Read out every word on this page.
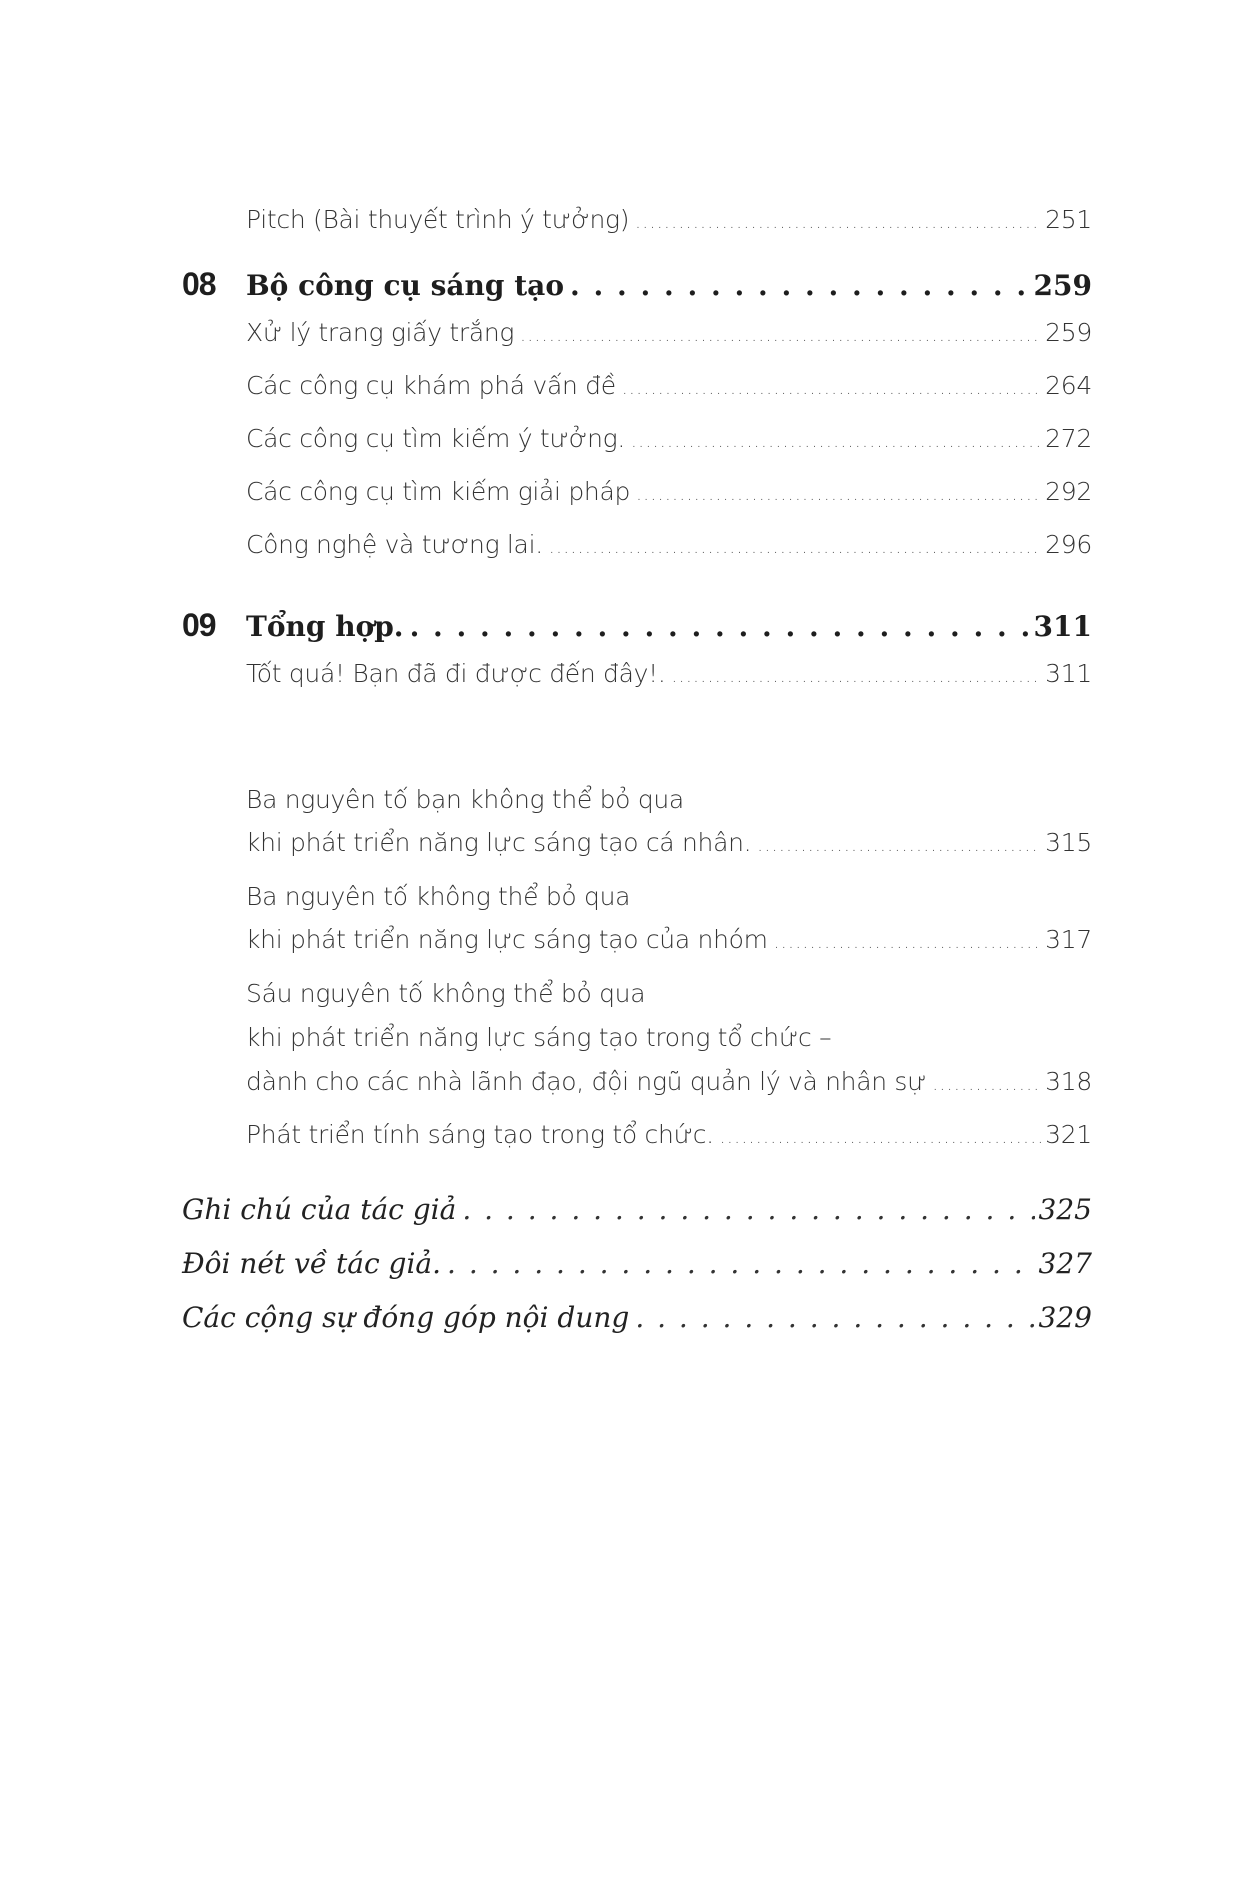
Pitch (Bài thuyết trình ý tưởng) .....	251
08 Bộ công cụ sáng tạo . . .	259
Xử lý trang giấy trắng .....	259
Các công cụ khám phá vấn đề .....	264
Các công cụ tìm kiếm ý tưởng. .....	272
Các công cụ tìm kiếm giải pháp .....	292
Công nghệ và tương lai. .....	296
09 Tổng hợp. . . .	311
Tốt quá! Bạn đã đi được đến đây!. .....	311
Ba nguyên tố bạn không thể bỏ qua
khi phát triển năng lực sáng tạo cá nhân. .....	315
Ba nguyên tố không thể bỏ qua
khi phát triển năng lực sáng tạo của nhóm .....	317
Sáu nguyên tố không thể bỏ qua
khi phát triển năng lực sáng tạo trong tổ chức –
dành cho các nhà lãnh đạo, đội ngũ quản lý và nhân sự .....	318
Phát triển tính sáng tạo trong tổ chức. .....	321
Ghi chú của tác giả . . .	325
Đôi nét về tác giả. . . .	327
Các cộng sự đóng góp nội dung . . .	329
